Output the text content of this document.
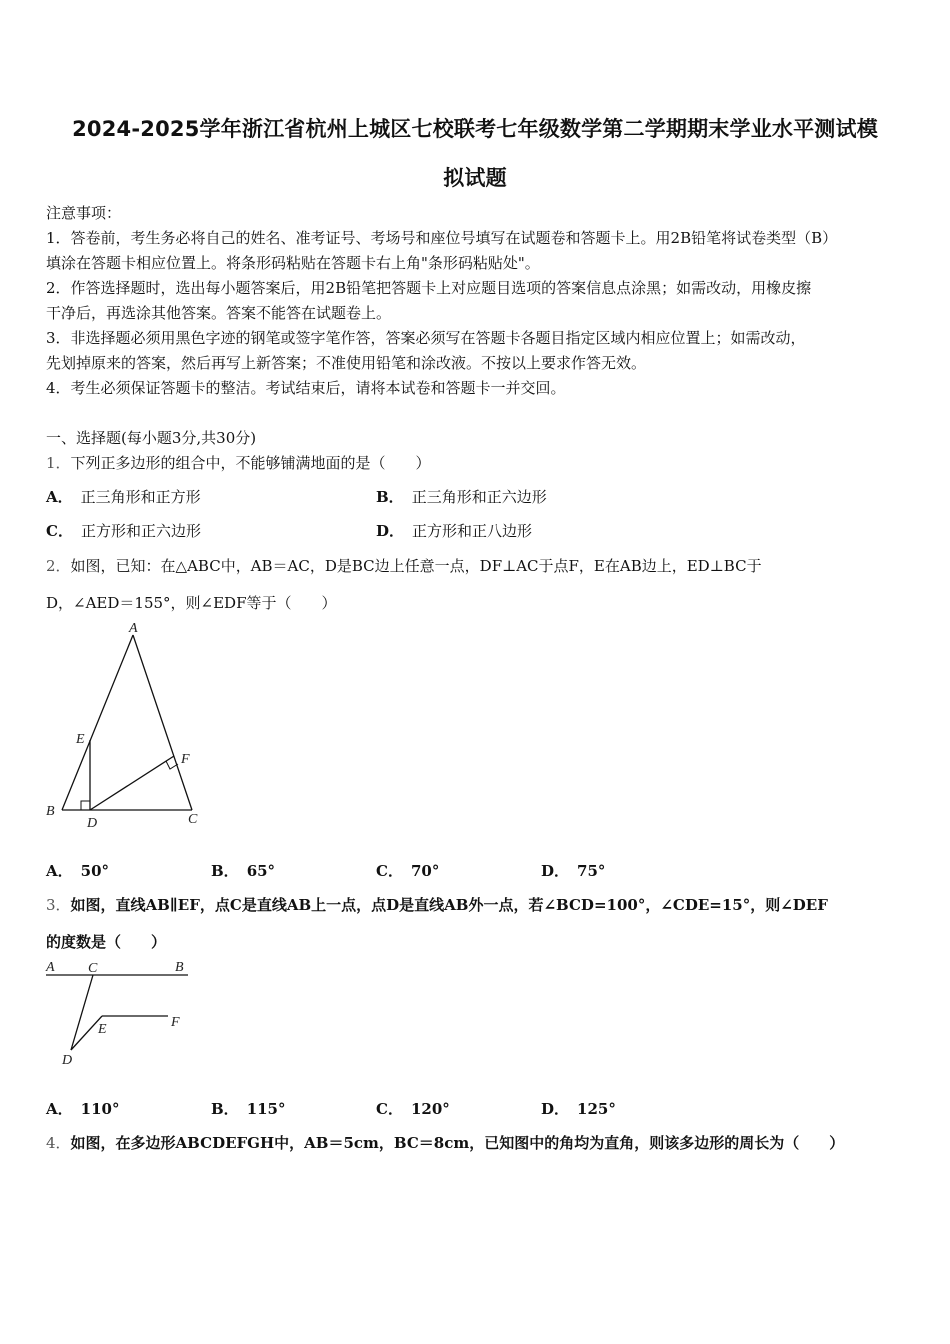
2024-2025学年浙江省杭州上城区七校联考七年级数学第二学期期末学业水平测试模
拟试题
注意事项：
1．答卷前，考生务必将自己的姓名、准考证号、考场号和座位号填写在试题卷和答题卡上。用2B铅笔将试卷类型（B）
填涂在答题卡相应位置上。将条形码粘贴在答题卡右上角"条形码粘贴处"。
2．作答选择题时，选出每小题答案后，用2B铅笔把答题卡上对应题目选项的答案信息点涂黑；如需改动，用橡皮擦
干净后，再选涂其他答案。答案不能答在试题卷上。
3．非选择题必须用黑色字迹的钢笔或签字笔作答，答案必须写在答题卡各题目指定区域内相应位置上；如需改动，
先划掉原来的答案，然后再写上新答案；不准使用铅笔和涂改液。不按以上要求作答无效。
4．考生必须保证答题卡的整洁。考试结束后，请将本试卷和答题卡一并交回。
一、选择题(每小题3分,共30分)
1．下列正多边形的组合中，不能够铺满地面的是（　　）
A． 正三角形和正方形	B． 正三角形和正六边形
C． 正方形和正六边形	D． 正方形和正八边形
2．如图，已知：在△ABC中，AB＝AC，D是BC边上任意一点，DF⊥AC于点F，E在AB边上，ED⊥BC于
D，∠AED＝155°，则∠EDF等于（　　）
A
B
C
D
E
F
A． 50°	B． 65°	C． 70°	D． 75°
3．如图，直线AB∥EF，点C是直线AB上一点，点D是直线AB外一点，若∠BCD=100°，∠CDE=15°，则∠DEF
的度数是（　　）
A C	B
E	F
D
A． 110°	B． 115°	C． 120°	D． 125°
4．如图，在多边形ABCDEFGH中，AB＝5cm，BC＝8cm，已知图中的角均为直角，则该多边形的周长为（　　）
